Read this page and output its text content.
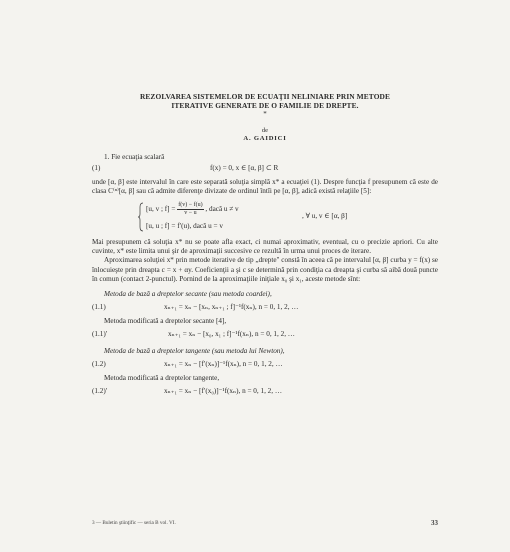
REZOLVAREA SISTEMELOR DE ECUAŢII NELINIARE PRIN METODE
ITERATIVE GENERATE DE O FAMILIE DE DREPTE.
*
de
A. GAIDICI

1. Fie ecuaţia scalară

(1)	f(x) = 0, x ∈ [α, β] ⊂ R

unde [α, β] este intervalul în care este separată soluţia simplă x* a ecuaţiei (1). Despre funcţia f presupunem că este de clasa C⁽ⁿ⁾[α, β] sau că admite diferenţe divizate de ordinul întîi pe [α, β], adică există relaţiile [5]:

[u, v ; $f] = \frac{f(v) - f(u)}{v - u}$ , dacă u ≠ v
[u, u ; f] = f′(u), dacă u = v
, ∀ u, v ∈ [α, β]

Mai presupunem că soluţia x* nu se poate afla exact, ci numai aproximativ, eventual, cu o precizie apriori. Cu alte cuvinte, x* este limita unui şir de aproximaţii succesive ce rezultă în urma unui proces de iterare.

Aproximarea soluţiei x* prin metode iterative de tip „drepte" constă în aceea că pe intervalul [α, β] curba y = f(x) se înlocuieşte prin dreapta c = x + αy. Coeficienţii a şi c se determină prin condiţia ca dreapta şi curba să aibă două puncte în comun (contact 2-punctul). Pornind de la aproximaţiile iniţiale x₀ şi x₁, aceste metode sînt:

Metoda de bază a dreptelor secante (sau metoda coardei),

(1.1)	xₙ₊₁ = xₙ − [xₙ, xₙ₊₁ ; f]⁻¹f(xₙ), n = 0, 1, 2, …

Metoda modificată a dreptelor secante [4],

(1.1)′	xₙ₊₁ = xₙ − [x₀, x₁ ; f]⁻¹f(xₙ), n = 0, 1, 2, …

Metoda de bază a dreptelor tangente (sau metoda lui Newton),

(1.2)	xₙ₊₁ = xₙ − [f′(xₙ)]⁻¹f(xₙ), n = 0, 1, 2, …

Metoda modificată a dreptelor tangente,

(1.2)′	xₙ₊₁ = xₙ − [f′(x₀)]⁻¹f(xₙ), n = 0, 1, 2, …
3 — Buletin ştiinţific — seria B vol. VI.	33
